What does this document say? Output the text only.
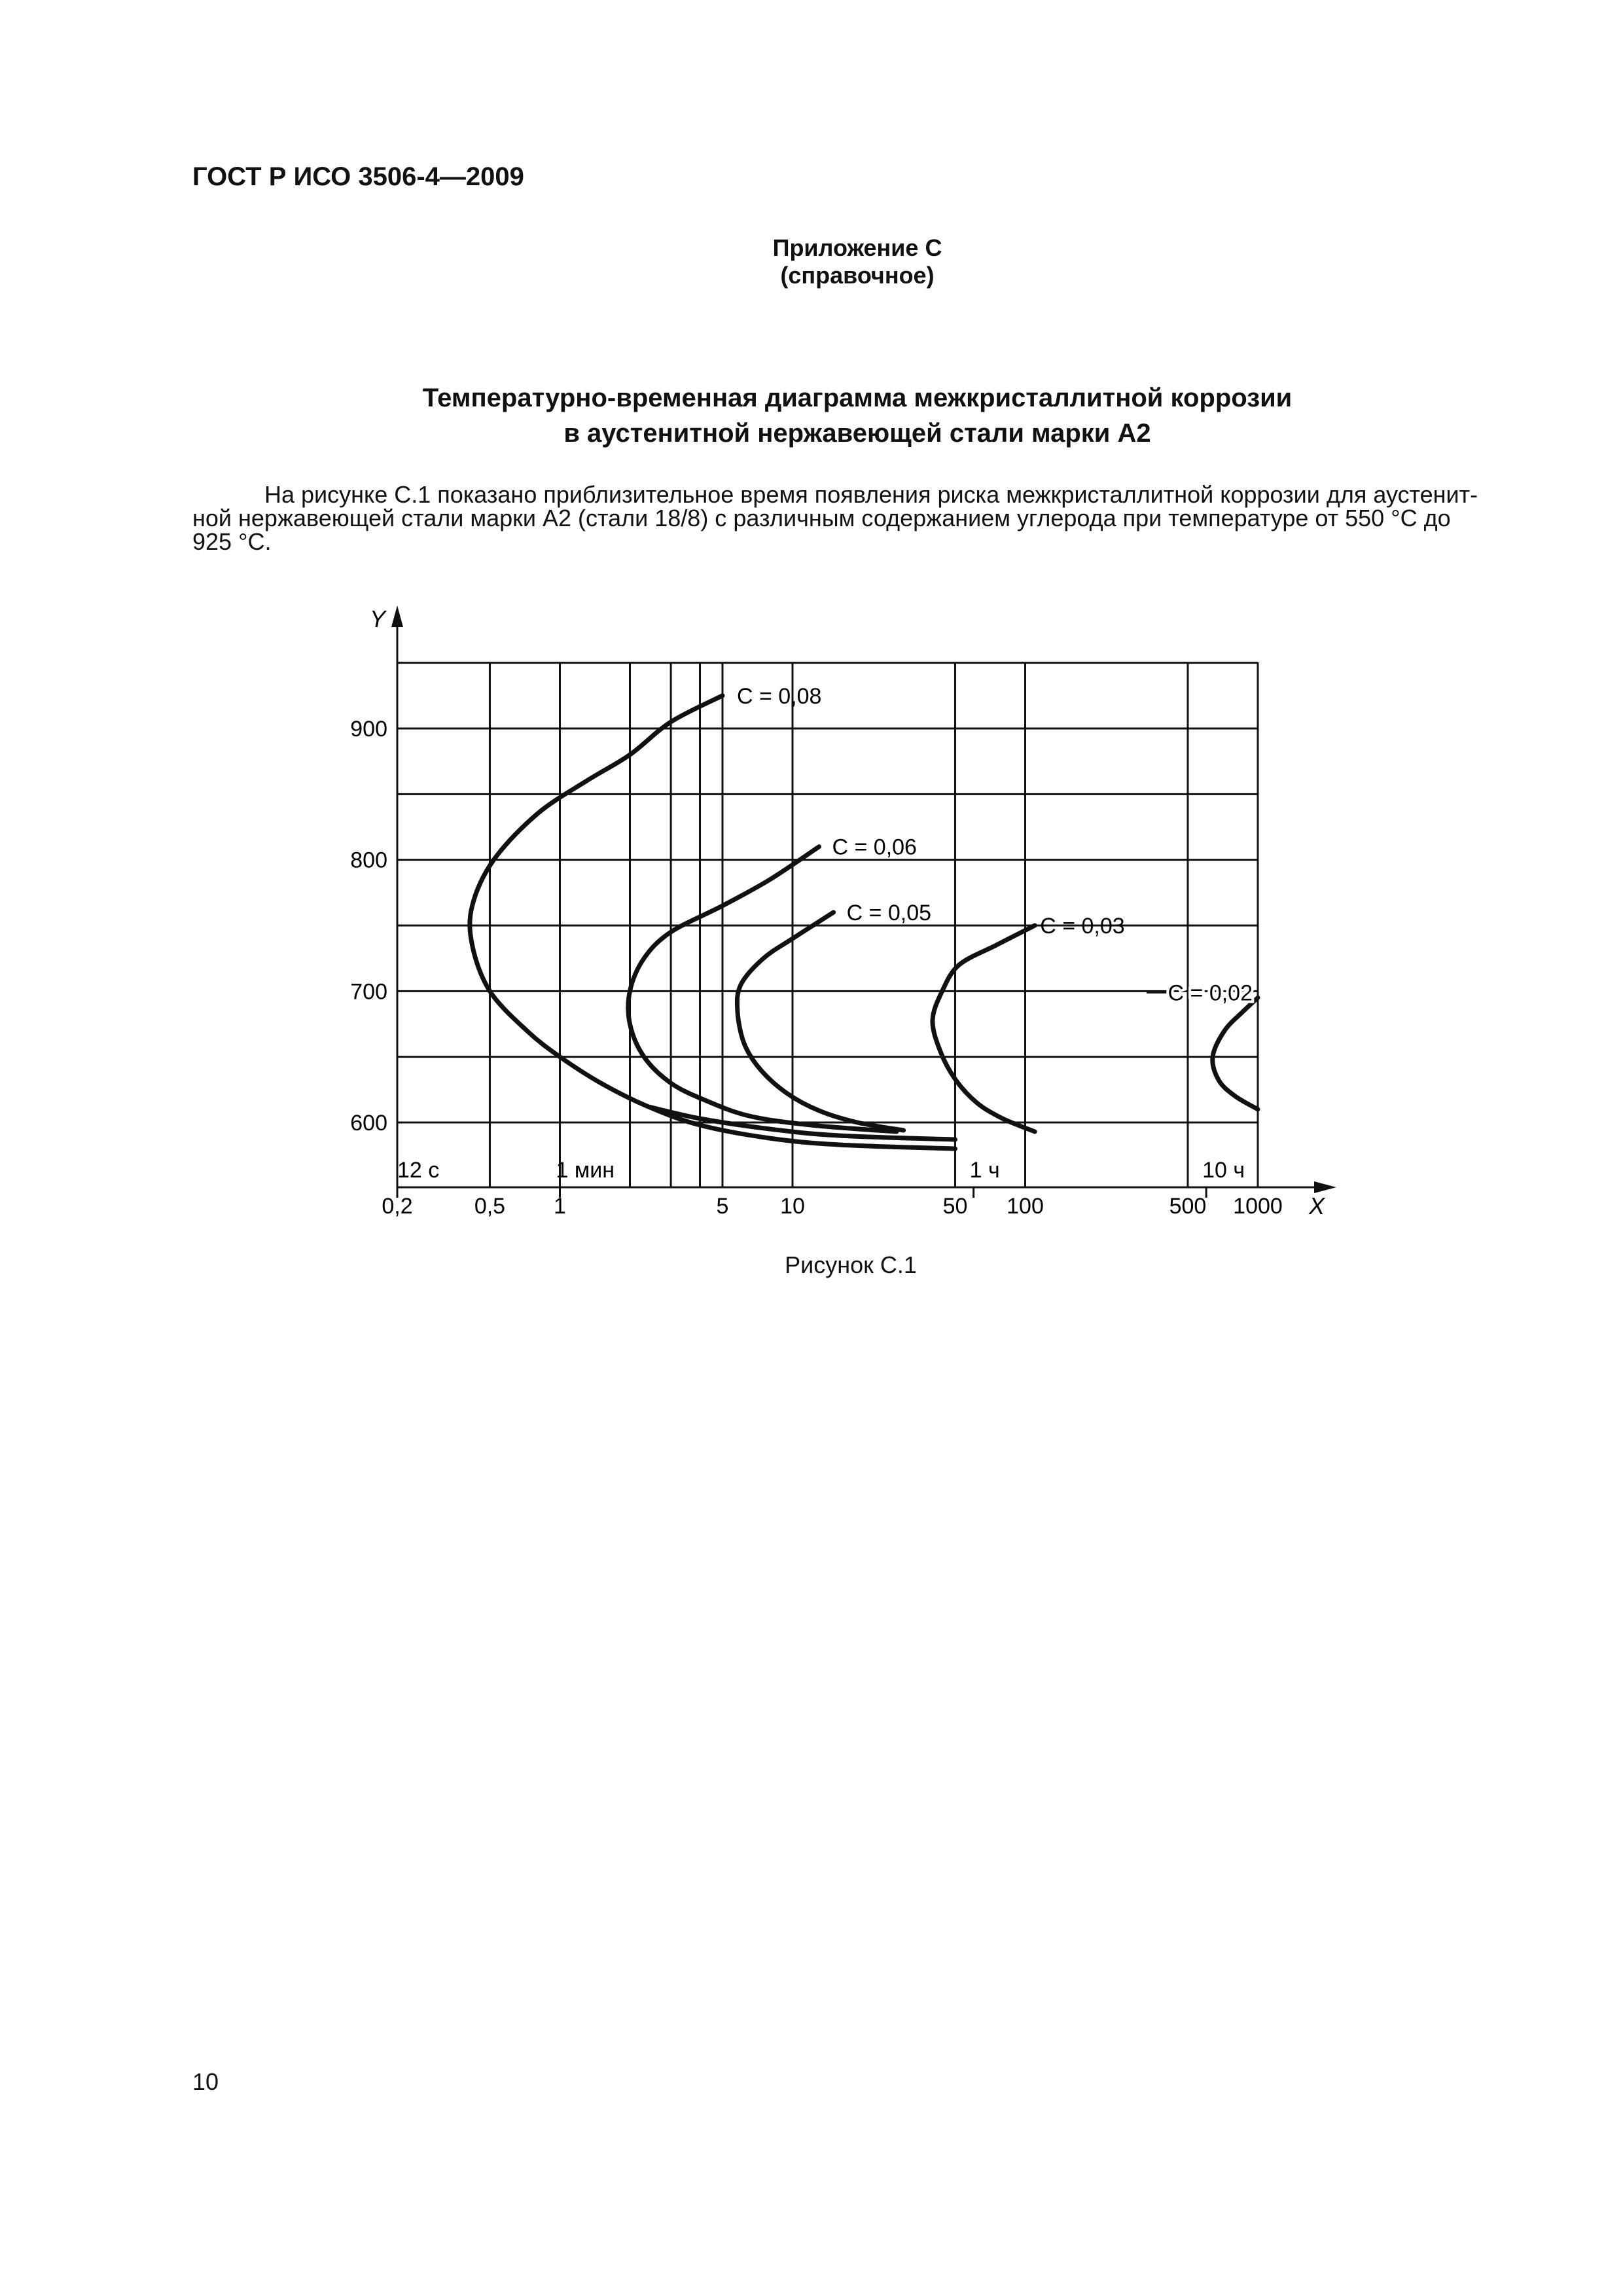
ГОСТ Р ИСО 3506-4—2009
Приложение С
(справочное)
Температурно-временная диаграмма межкристаллитной коррозии
в аустенитной нержавеющей стали марки А2
На рисунке С.1 показано приблизительное время появления риска межкристаллитной коррозии для аустенит-
ной нержавеющей стали марки А2 (стали 18/8) с различным содержанием углерода при температуре от 550 °С до
925 °С.
Y
X
600
700
800
900
0,2	0,5 1	5 10	50 100	500 1000
12 с	1 мин	1 ч	10 ч
C = 0,08
C = 0,06
C = 0,05
C = 0,03
C = 0,02
Рисунок С.1
10
